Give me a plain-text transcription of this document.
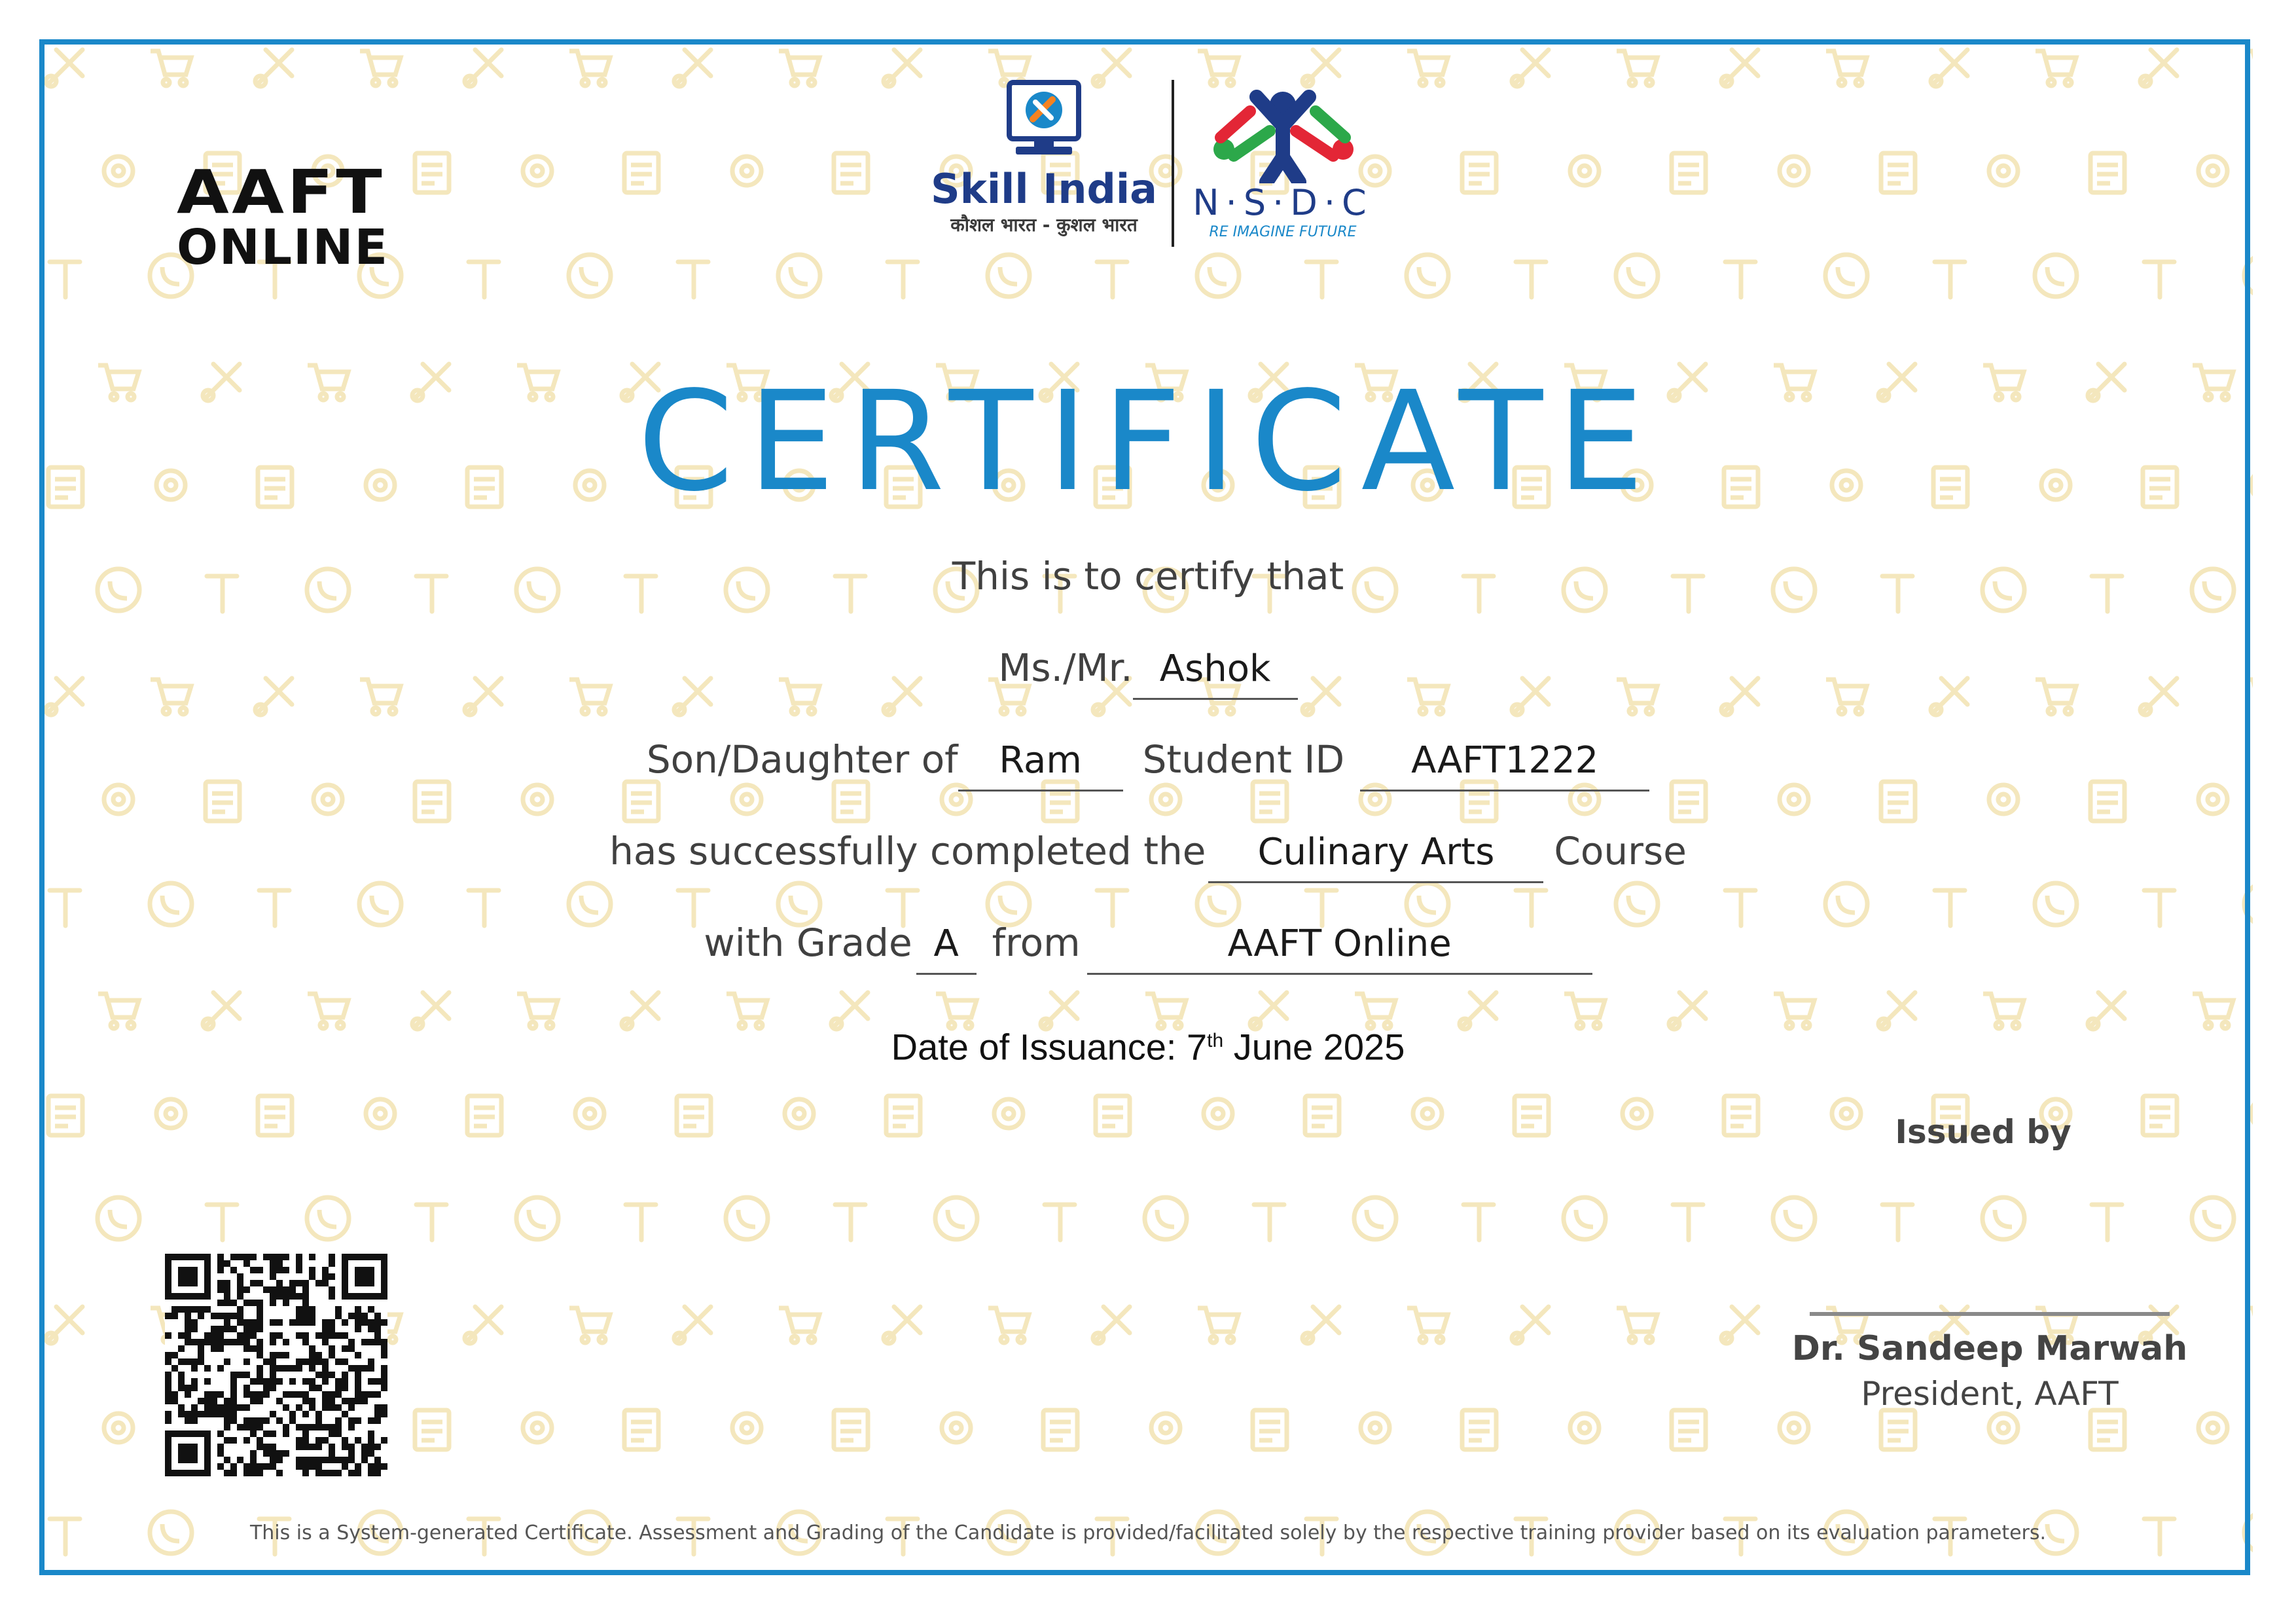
AAFT
ONLINE
Skill India
कौशल भारत - कुशल भारत
N·S·D·C
RE IMAGINE FUTURE
CERTIFICATE
This is to certify that
Ms./Mr. Ashok
Son/Daughter of Ram Student ID AAFT1222
has successfully completed the Culinary Arts Course
with Grade A from	AAFT Online
Date of Issuance: 7th June 2025
Issued by
Dr. Sandeep Marwah
President, AAFT
This is a System-generated Certificate. Assessment and Grading of the Candidate is provided/facilitated solely by the respective training provider based on its evaluation parameters.
